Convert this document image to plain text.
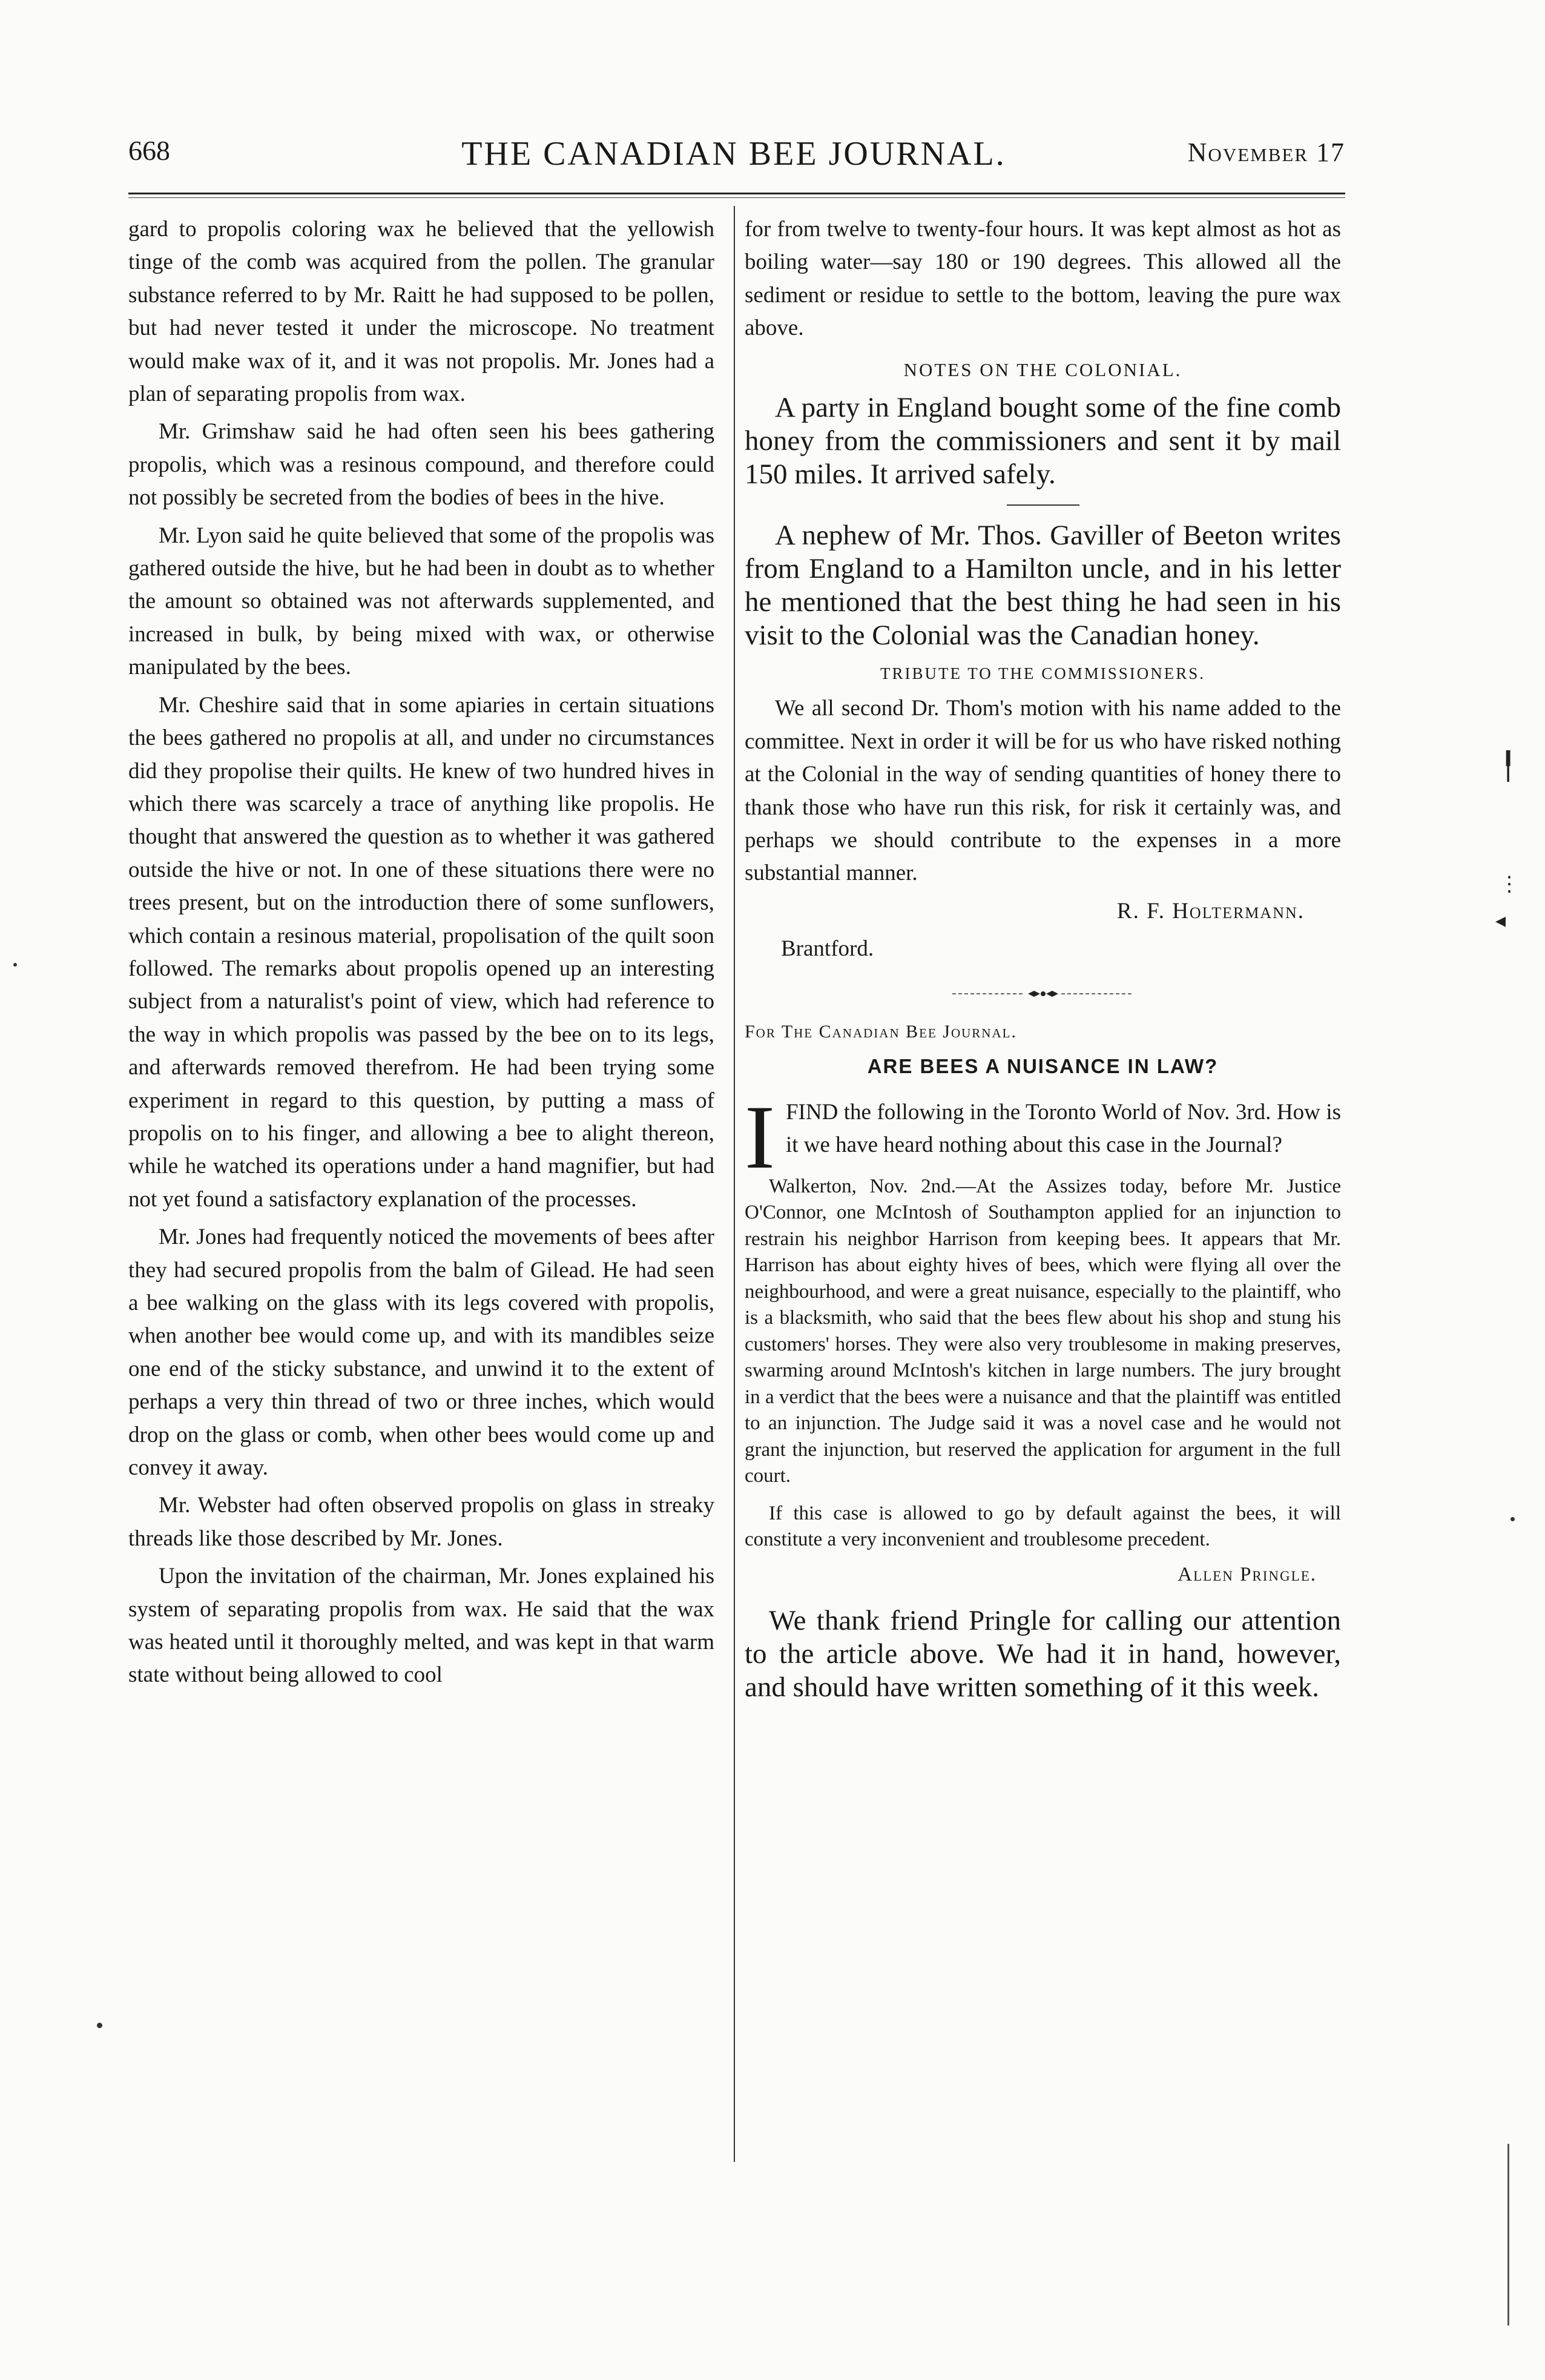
668	THE CANADIAN BEE JOURNAL.	November 17

gard to propolis coloring wax he believed that the yellowish tinge of the comb was acquired from the pollen. The granular substance referred to by Mr. Raitt he had supposed to be pollen, but had never tested it under the microscope. No treatment would make wax of it, and it was not propolis. Mr. Jones had a plan of separating propolis from wax.

Mr. Grimshaw said he had often seen his bees gathering propolis, which was a resinous compound, and therefore could not possibly be secreted from the bodies of bees in the hive.

Mr. Lyon said he quite believed that some of the propolis was gathered outside the hive, but he had been in doubt as to whether the amount so obtained was not afterwards supplemented, and increased in bulk, by being mixed with wax, or otherwise manipulated by the bees.

Mr. Cheshire said that in some apiaries in certain situations the bees gathered no propolis at all, and under no circumstances did they propolise their quilts. He knew of two hundred hives in which there was scarcely a trace of anything like propolis. He thought that answered the question as to whether it was gathered outside the hive or not. In one of these situations there were no trees present, but on the introduction there of some sunflowers, which contain a resinous material, propolisation of the quilt soon followed. The remarks about propolis opened up an interesting subject from a naturalist's point of view, which had reference to the way in which propolis was passed by the bee on to its legs, and afterwards removed therefrom. He had been trying some experiment in regard to this question, by putting a mass of propolis on to his finger, and allowing a bee to alight thereon, while he watched its operations under a hand magnifier, but had not yet found a satisfactory explanation of the processes.

Mr. Jones had frequently noticed the movements of bees after they had secured propolis from the balm of Gilead. He had seen a bee walking on the glass with its legs covered with propolis, when another bee would come up, and with its mandibles seize one end of the sticky substance, and unwind it to the extent of perhaps a very thin thread of two or three inches, which would drop on the glass or comb, when other bees would come up and convey it away.

Mr. Webster had often observed propolis on glass in streaky threads like those described by Mr. Jones.

Upon the invitation of the chairman, Mr. Jones explained his system of separating propolis from wax. He said that the wax was heated until it thoroughly melted, and was kept in that warm state without being allowed to cool

for from twelve to twenty-four hours. It was kept almost as hot as boiling water—say 180 or 190 degrees. This allowed all the sediment or residue to settle to the bottom, leaving the pure wax above.

NOTES ON THE COLONIAL.

A party in England bought some of the fine comb honey from the commissioners and sent it by mail 150 miles. It arrived safely.

A nephew of Mr. Thos. Gaviller of Beeton writes from England to a Hamilton uncle, and in his letter he mentioned that the best thing he had seen in his visit to the Colonial was the Canadian honey.

TRIBUTE TO THE COMMISSIONERS.

We all second Dr. Thom's motion with his name added to the committee. Next in order it will be for us who have risked nothing at the Colonial in the way of sending quantities of honey there to thank those who have run this risk, for risk it certainly was, and perhaps we should contribute to the expenses in a more substantial manner.

R. F. Holtermann.

Brantford.

For The Canadian Bee Journal.

ARE BEES A NUISANCE IN LAW?

IFIND the following in the Toronto World of Nov. 3rd. How is it we have heard nothing about this case in the Journal?

Walkerton, Nov. 2nd.—At the Assizes today, before Mr. Justice O'Connor, one McIntosh of Southampton applied for an injunction to restrain his neighbor Harrison from keeping bees. It appears that Mr. Harrison has about eighty hives of bees, which were flying all over the neighbourhood, and were a great nuisance, especially to the plaintiff, who is a blacksmith, who said that the bees flew about his shop and stung his customers' horses. They were also very troublesome in making preserves, swarming around McIntosh's kitchen in large numbers. The jury brought in a verdict that the bees were a nuisance and that the plaintiff was entitled to an injunction. The Judge said it was a novel case and he would not grant the injunction, but reserved the application for argument in the full court.

If this case is allowed to go by default against the bees, it will constitute a very inconvenient and troublesome precedent.

Allen Pringle.

We thank friend Pringle for calling our attention to the article above. We had it in hand, however, and should have written something of it this week.

╿
⋮
◂
